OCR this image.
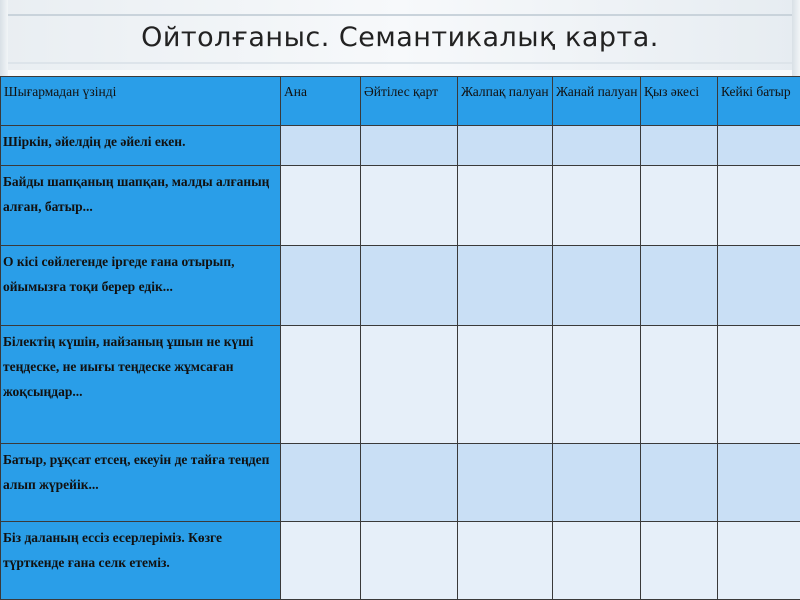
Ойтолғаныс. Семантикалық карта.
Шығармадан үзінді	Ана	Әйтілес қарт	Жалпақ палуан	Жанай палуан	Қыз әкесі	Кейкі батыр

Шіркін, әйелдің де әйелі екен.						

Байды шапқаның шапқан, малды алғаның алған, батыр...						

О кісі сөйлегенде іргеде ғана отырып, ойымызға тоқи берер едік...						

Білектің күшін, найзаның ұшын не күші теңдеске, не иығы теңдеске жұмсаған жоқсыңдар...						

Батыр, рұқсат етсең, екеуін де тайға теңдеп алып жүрейік...						

Біз даланың ессіз есерлеріміз. Көзге түрткенде ғана селк етеміз.						
